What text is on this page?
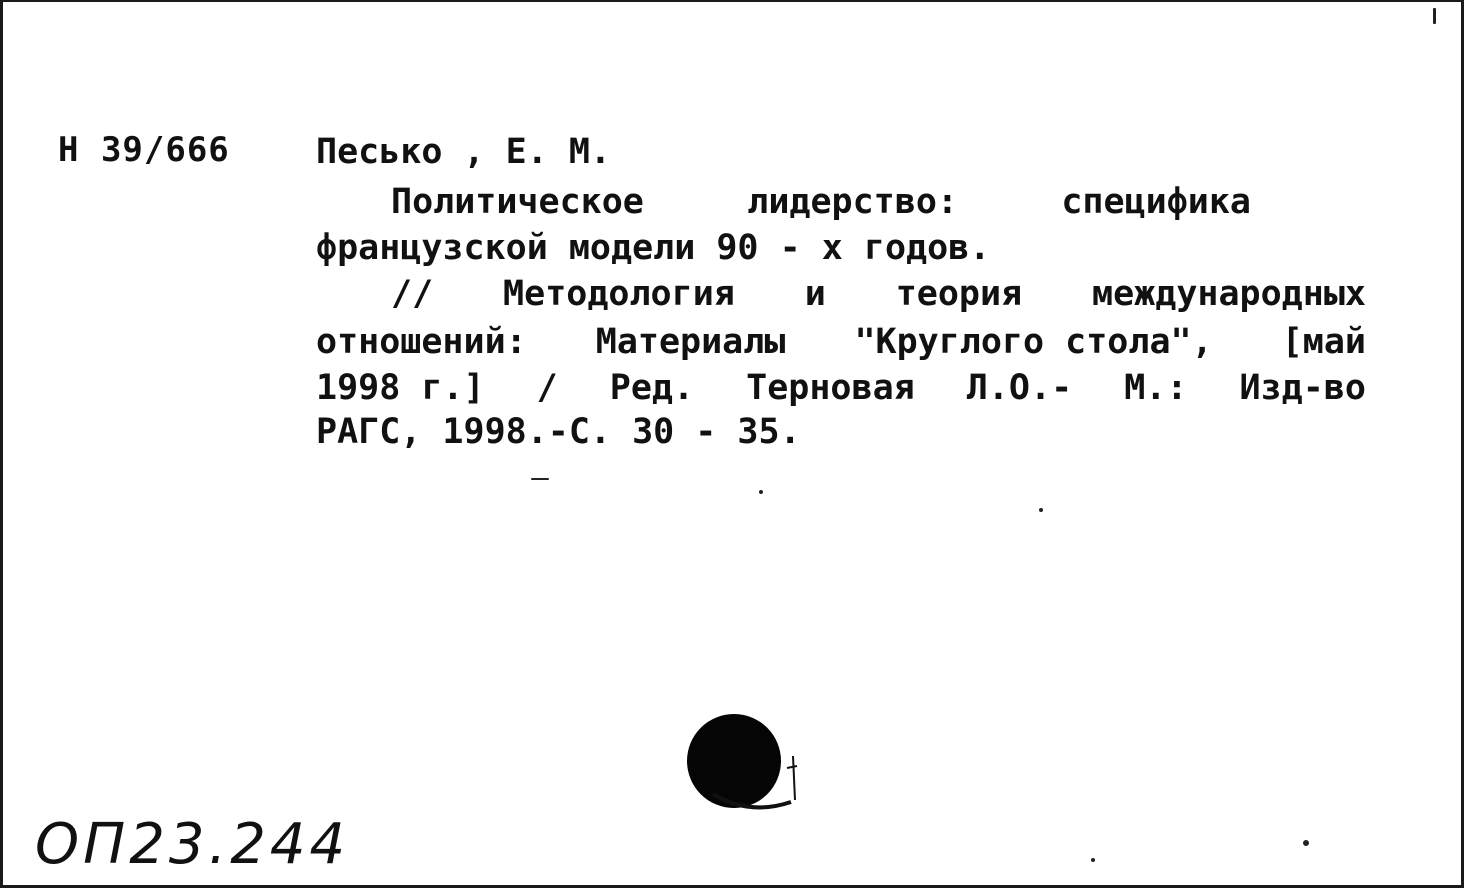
Н 39/666 Песько , Е. М.
Политическое	лидерство:	специфика
французской модели 90 - х годов.
// Методология и теория международных
отношений: Материалы "Круглого стола", [май
1998 г.] / Ред. Терновая Л.О.- М.: Изд-во
РАГС, 1998.-С. 30 - 35.
ОП23.244
